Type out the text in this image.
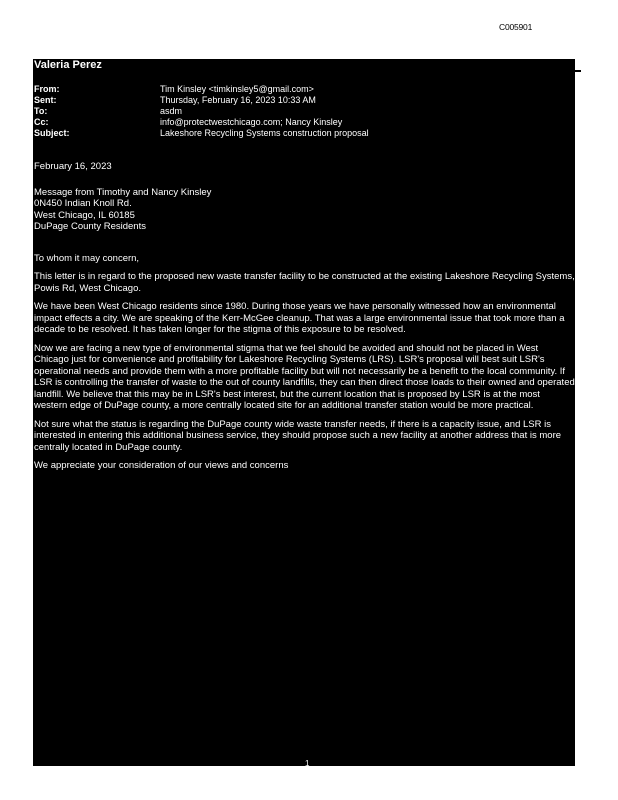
C005901
Valeria Perez
From:	Tim Kinsley <timkinsley5@gmail.com>
Sent:	Thursday, February 16, 2023 10:33 AM
To:	asdm
Cc:	info@protectwestchicago.com; Nancy Kinsley
Subject:	Lakeshore Recycling Systems construction proposal

February 16, 2023

Message from Timothy and Nancy Kinsley

0N450 Indian Knoll Rd.

West Chicago, IL 60185

DuPage County Residents

To whom it may concern,

This letter is in regard to the proposed new waste transfer facility to be constructed at the existing Lakeshore Recycling Systems, Powis Rd, West Chicago.

We have been West Chicago residents since 1980. During those years we have personally witnessed how an environmental impact effects a city. We are speaking of the Kerr-McGee cleanup. That was a large environmental issue that took more than a decade to be resolved. It has taken longer for the stigma of this exposure to be resolved.

Now we are facing a new type of environmental stigma that we feel should be avoided and should not be placed in West Chicago just for convenience and profitability for Lakeshore Recycling Systems (LRS). LSR's proposal will best suit LSR's operational needs and provide them with a more profitable facility but will not necessarily be a benefit to the local community. If LSR is controlling the transfer of waste to the out of county landfills, they can then direct those loads to their owned and operated landfill. We believe that this may be in LSR's best interest, but the current location that is proposed by LSR is at the most western edge of DuPage county, a more centrally located site for an additional transfer station would be more practical.

Not sure what the status is regarding the DuPage county wide waste transfer needs, if there is a capacity issue, and LSR is interested in entering this additional business service, they should propose such a new facility at another address that is more centrally located in DuPage county.

We appreciate your consideration of our views and concerns

1
